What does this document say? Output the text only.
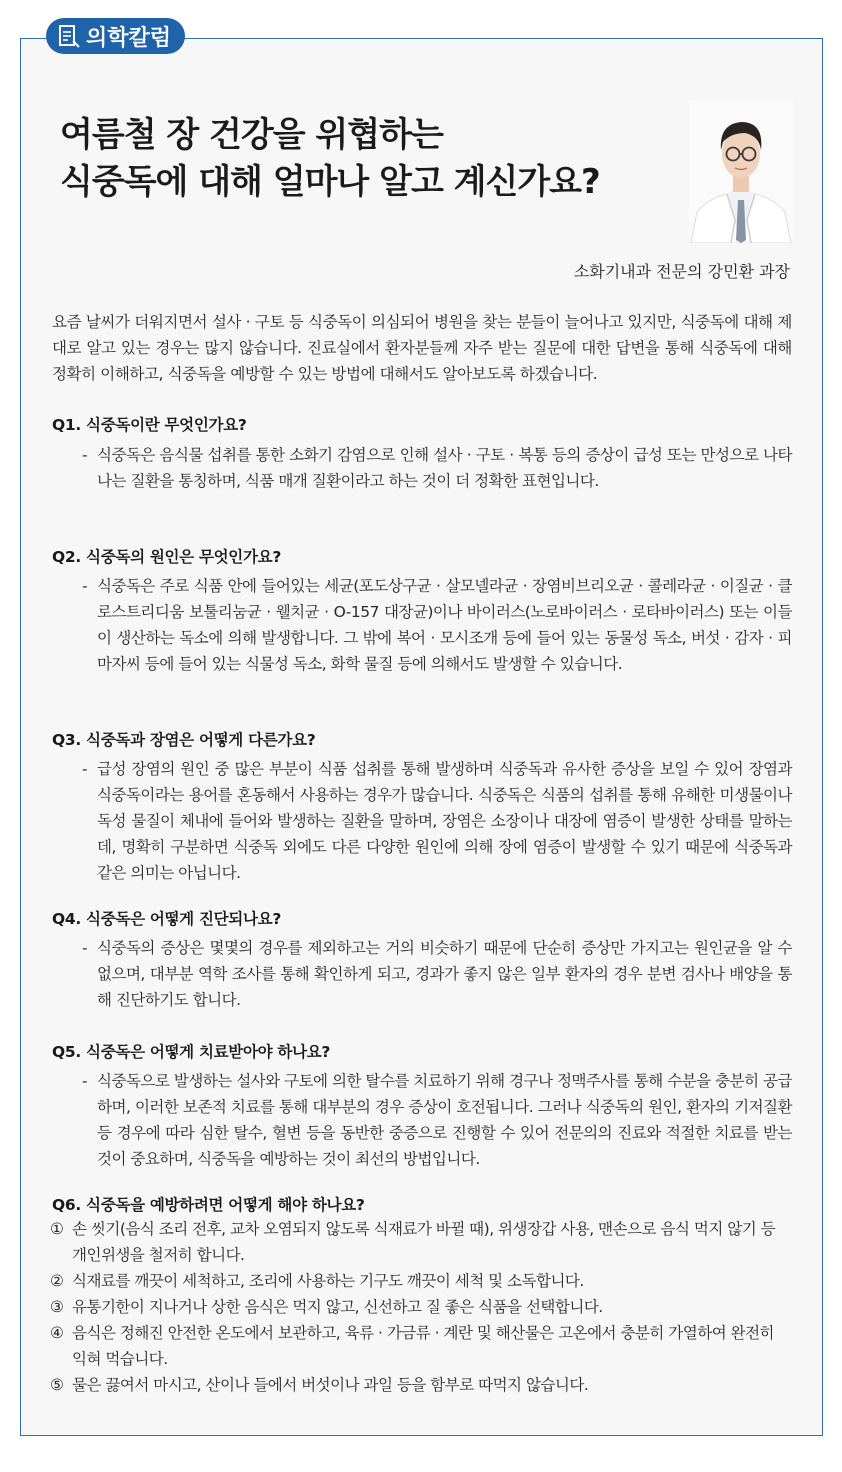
의학칼럼
여름철 장 건강을 위협하는
식중독에 대해 얼마나 알고 계신가요?
소화기내과 전문의 강민환 과장
요즘 날씨가 더워지면서 설사 · 구토 등 식중독이 의심되어 병원을 찾는 분들이 늘어나고 있지만, 식중독에 대해 제대로 알고 있는 경우는 많지 않습니다. 진료실에서 환자분들께 자주 받는 질문에 대한 답변을 통해 식중독에 대해 정확히 이해하고, 식중독을 예방할 수 있는 방법에 대해서도 알아보도록 하겠습니다.
Q1. 식중독이란 무엇인가요?
- 식중독은 음식물 섭취를 통한 소화기 감염으로 인해 설사 · 구토 · 복통 등의 증상이 급성 또는 만성으로 나타나는 질환을 통칭하며, 식품 매개 질환이라고 하는 것이 더 정확한 표현입니다.
Q2. 식중독의 원인은 무엇인가요?
- 식중독은 주로 식품 안에 들어있는 세균(포도상구균 · 살모넬라균 · 장염비브리오균 · 콜레라균 · 이질균 · 클로스트리디움 보툴리눔균 · 웰치균 · O-157 대장균)이나 바이러스(노로바이러스 · 로타바이러스) 또는 이들이 생산하는 독소에 의해 발생합니다. 그 밖에 복어 · 모시조개 등에 들어 있는 동물성 독소, 버섯 · 감자 · 피마자씨 등에 들어 있는 식물성 독소, 화학 물질 등에 의해서도 발생할 수 있습니다.
Q3. 식중독과 장염은 어떻게 다른가요?
- 급성 장염의 원인 중 많은 부분이 식품 섭취를 통해 발생하며 식중독과 유사한 증상을 보일 수 있어 장염과 식중독이라는 용어를 혼동해서 사용하는 경우가 많습니다. 식중독은 식품의 섭취를 통해 유해한 미생물이나 독성 물질이 체내에 들어와 발생하는 질환을 말하며, 장염은 소장이나 대장에 염증이 발생한 상태를 말하는데, 명확히 구분하면 식중독 외에도 다른 다양한 원인에 의해 장에 염증이 발생할 수 있기 때문에 식중독과 같은 의미는 아닙니다.
Q4. 식중독은 어떻게 진단되나요?
- 식중독의 증상은 몇몇의 경우를 제외하고는 거의 비슷하기 때문에 단순히 증상만 가지고는 원인균을 알 수 없으며, 대부분 역학 조사를 통해 확인하게 되고, 경과가 좋지 않은 일부 환자의 경우 분변 검사나 배양을 통해 진단하기도 합니다.
Q5. 식중독은 어떻게 치료받아야 하나요?
- 식중독으로 발생하는 설사와 구토에 의한 탈수를 치료하기 위해 경구나 정맥주사를 통해 수분을 충분히 공급하며, 이러한 보존적 치료를 통해 대부분의 경우 증상이 호전됩니다. 그러나 식중독의 원인, 환자의 기저질환 등 경우에 따라 심한 탈수, 혈변 등을 동반한 중증으로 진행할 수 있어 전문의의 진료와 적절한 치료를 받는 것이 중요하며, 식중독을 예방하는 것이 최선의 방법입니다.
Q6. 식중독을 예방하려면 어떻게 해야 하나요?
① 손 씻기(음식 조리 전후, 교차 오염되지 않도록 식재료가 바뀔 때), 위생장갑 사용, 맨손으로 음식 먹지 않기 등 개인위생을 철저히 합니다.
② 식재료를 깨끗이 세척하고, 조리에 사용하는 기구도 깨끗이 세척 및 소독합니다.
③ 유통기한이 지나거나 상한 음식은 먹지 않고, 신선하고 질 좋은 식품을 선택합니다.
④ 음식은 정해진 안전한 온도에서 보관하고, 육류 · 가금류 · 계란 및 해산물은 고온에서 충분히 가열하여 완전히 익혀 먹습니다.
⑤ 물은 끓여서 마시고, 산이나 들에서 버섯이나 과일 등을 함부로 따먹지 않습니다.
